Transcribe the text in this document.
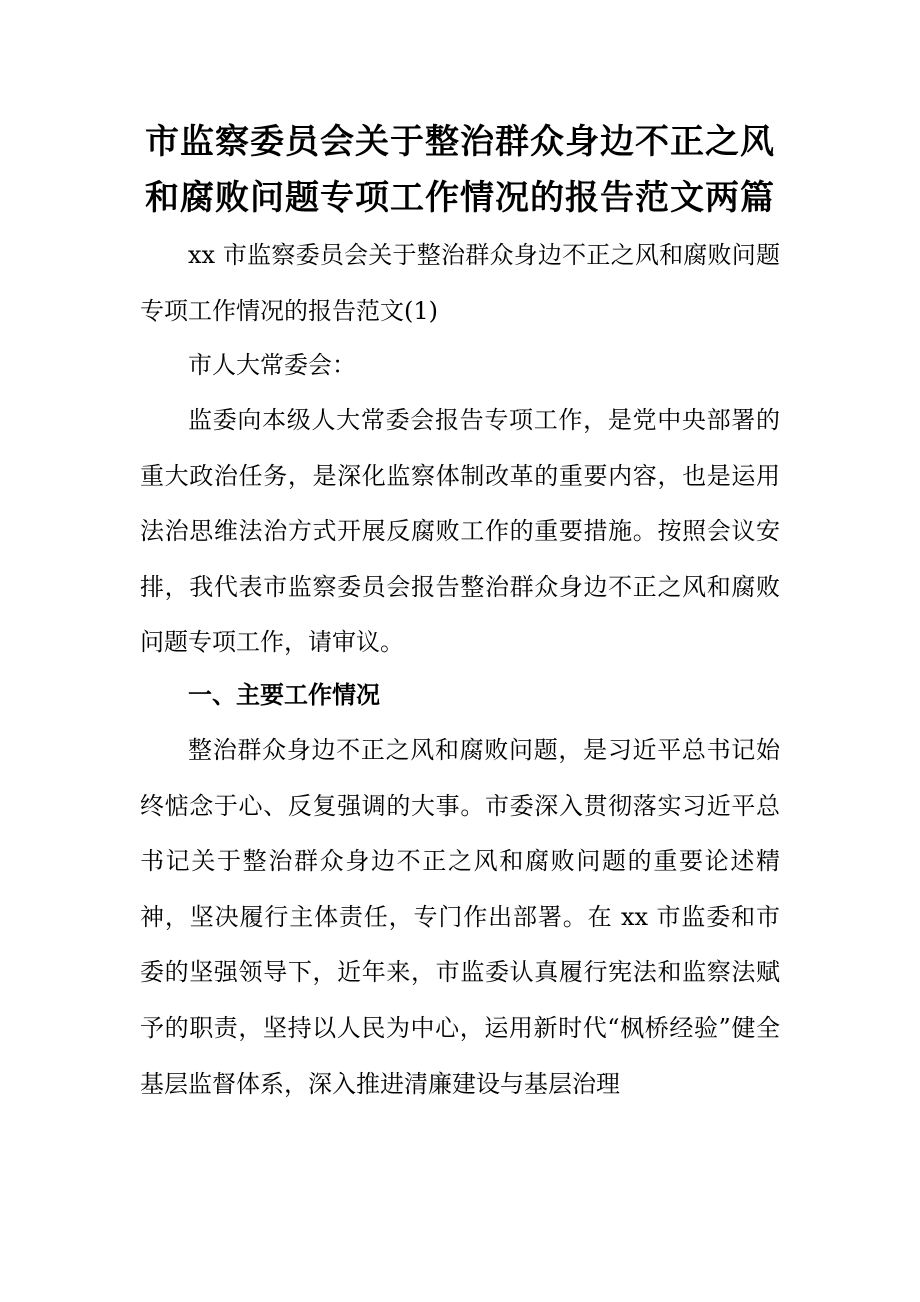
市监察委员会关于整治群众身边不正之风
和腐败问题专项工作情况的报告范文两篇
xx 市监察委员会关于整治群众身边不正之风和腐败问题专项工作情况的报告范文(1)
市人大常委会：
监委向本级人大常委会报告专项工作，是党中央部署的重大政治任务，是深化监察体制改革的重要内容，也是运用法治思维法治方式开展反腐败工作的重要措施。按照会议安排，我代表市监察委员会报告整治群众身边不正之风和腐败问题专项工作，请审议。
一、主要工作情况
整治群众身边不正之风和腐败问题，是习近平总书记始终惦念于心、反复强调的大事。市委深入贯彻落实习近平总书记关于整治群众身边不正之风和腐败问题的重要论述精神，坚决履行主体责任，专门作出部署。在 xx 市监委和市委的坚强领导下，近年来，市监委认真履行宪法和监察法赋予的职责，坚持以人民为中心，运用新时代“枫桥经验”健全基层监督体系，深入推进清廉建设与基层治理
